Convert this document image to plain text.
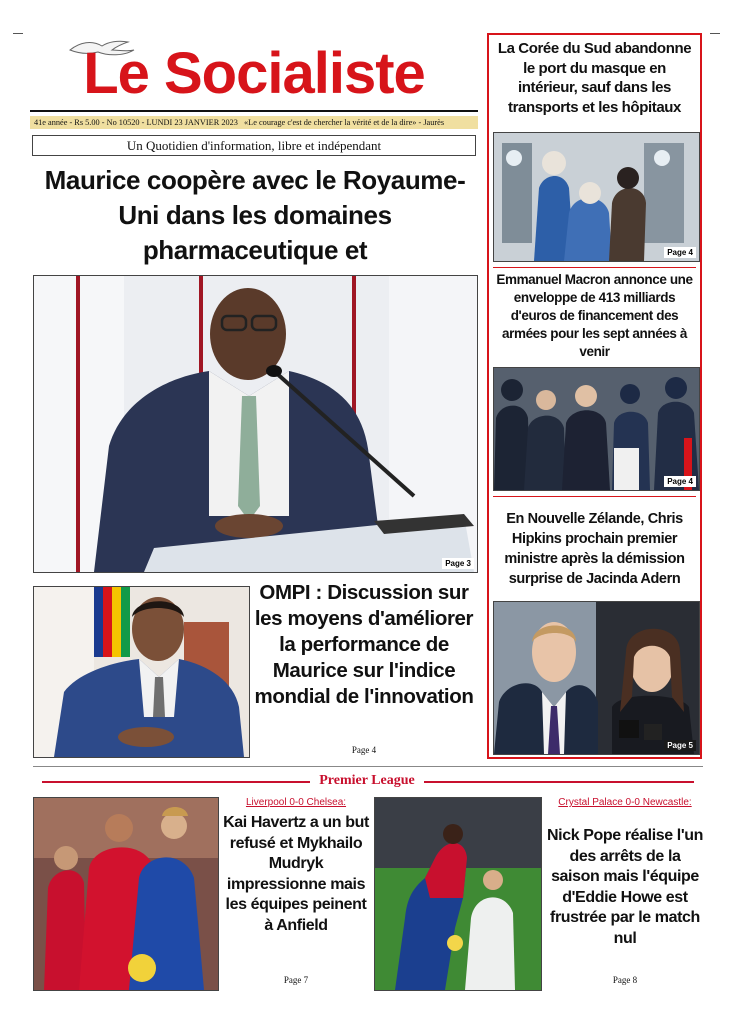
Le Socialiste
41e année - Rs 5.00 - No 10520 - LUNDI 23 JANVIER 2023 «Le courage c'est de chercher la vérité et de la dire» - Jaurès
Un Quotidien d'information, libre et indépendant
Maurice coopère avec le Royaume-Uni dans les domaines pharmaceutique et
Page 3
OMPI : Discussion sur les moyens d'améliorer la performance de Maurice sur l'indice mondial de l'innovation
Page 4
La Corée du Sud abandonne le port du masque en intérieur, sauf dans les transports et les hôpitaux
Page 4
Emmanuel Macron annonce une enveloppe de 413 milliards d'euros de financement des armées pour les sept années à venir
Page 4
En Nouvelle Zélande, Chris Hipkins prochain premier ministre après la démission surprise de Jacinda Adern
Page 5
Premier League
Liverpool 0-0 Chelsea:
Kai Havertz a un but refusé et Mykhailo Mudryk impressionne mais les équipes peinent à Anfield
Page 7
Crystal Palace 0-0 Newcastle:
Nick Pope réalise l'un des arrêts de la saison mais l'équipe d'Eddie Howe est frustrée par le match nul
Page 8
